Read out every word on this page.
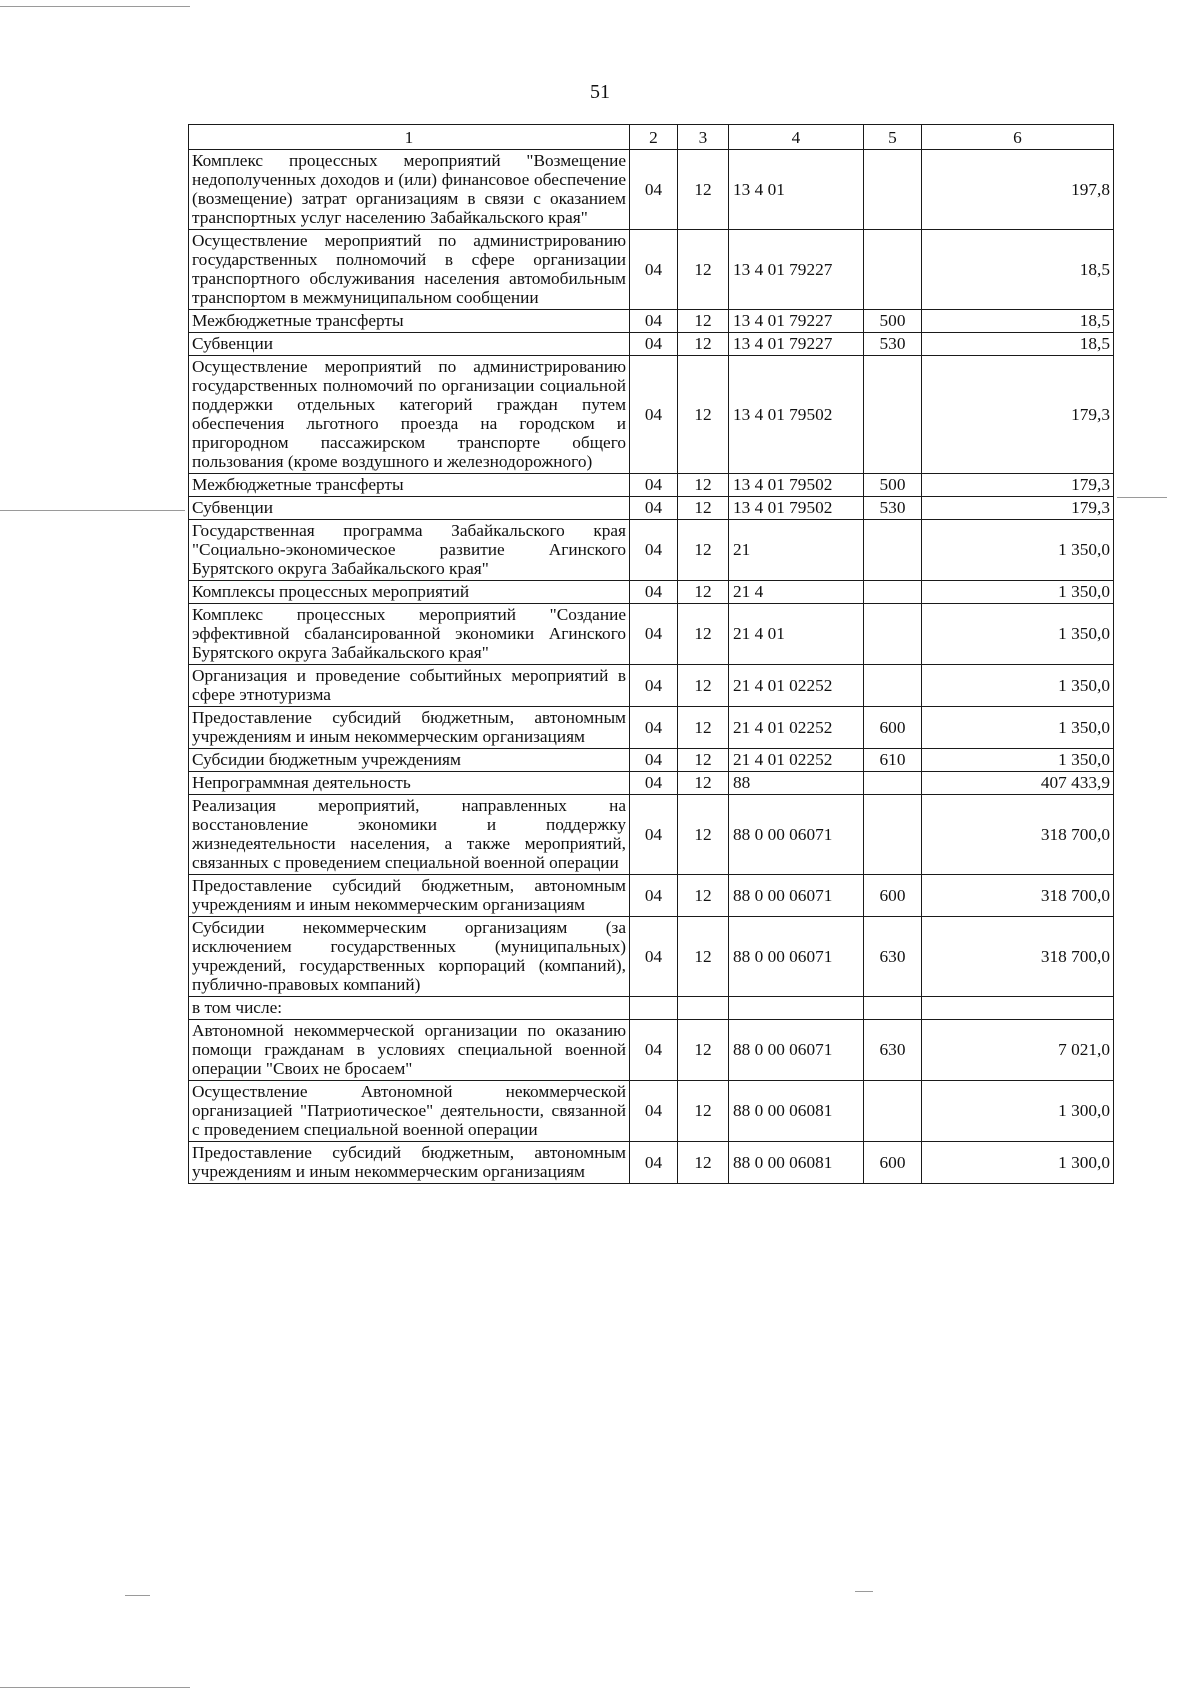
51
1	2	3	4	5	6
Комплекс процессных мероприятий "Возмещение недополученных доходов и (или) финансовое обеспечение (возмещение) затрат организациям в связи с оказанием транспортных услуг населению Забайкальского края"	04	12	13 4 01		197,8
Осуществление мероприятий по администрированию государственных полномочий в сфере организации транспортного обслуживания населения автомобильным транспортом в межмуниципальном сообщении	04	12	13 4 01 79227		18,5
Межбюджетные трансферты	04	12	13 4 01 79227	500	18,5
Субвенции	04	12	13 4 01 79227	530	18,5
Осуществление мероприятий по администрированию государственных полномочий по организации социальной поддержки отдельных категорий граждан путем обеспечения льготного проезда на городском и пригородном пассажирском транспорте общего пользования (кроме воздушного и железнодорожного)	04	12	13 4 01 79502		179,3
Межбюджетные трансферты	04	12	13 4 01 79502	500	179,3
Субвенции	04	12	13 4 01 79502	530	179,3
Государственная программа Забайкальского края "Социально-экономическое развитие Агинского Бурятского округа Забайкальского края"	04	12	21		1 350,0
Комплексы процессных мероприятий	04	12	21 4		1 350,0
Комплекс процессных мероприятий "Создание эффективной сбалансированной экономики Агинского Бурятского округа Забайкальского края"	04	12	21 4 01		1 350,0
Организация и проведение событийных мероприятий в сфере этнотуризма	04	12	21 4 01 02252		1 350,0
Предоставление субсидий бюджетным, автономным учреждениям и иным некоммерческим организациям	04	12	21 4 01 02252	600	1 350,0
Субсидии бюджетным учреждениям	04	12	21 4 01 02252	610	1 350,0
Непрограммная деятельность	04	12	88		407 433,9
Реализация мероприятий, направленных на восстановление экономики и поддержку жизнедеятельности населения, а также мероприятий, связанных с проведением специальной военной операции	04	12	88 0 00 06071		318 700,0
Предоставление субсидий бюджетным, автономным учреждениям и иным некоммерческим организациям	04	12	88 0 00 06071	600	318 700,0
Субсидии некоммерческим организациям (за исключением государственных (муниципальных) учреждений, государственных корпораций (компаний), публично-правовых компаний)	04	12	88 0 00 06071	630	318 700,0
в том числе:					
Автономной некоммерческой организации по оказанию помощи гражданам в условиях специальной военной операции "Своих не бросаем"	04	12	88 0 00 06071	630	7 021,0
Осуществление Автономной некоммерческой организацией "Патриотическое" деятельности, связанной с проведением специальной военной операции	04	12	88 0 00 06081		1 300,0
Предоставление субсидий бюджетным, автономным учреждениям и иным некоммерческим организациям	04	12	88 0 00 06081	600	1 300,0
